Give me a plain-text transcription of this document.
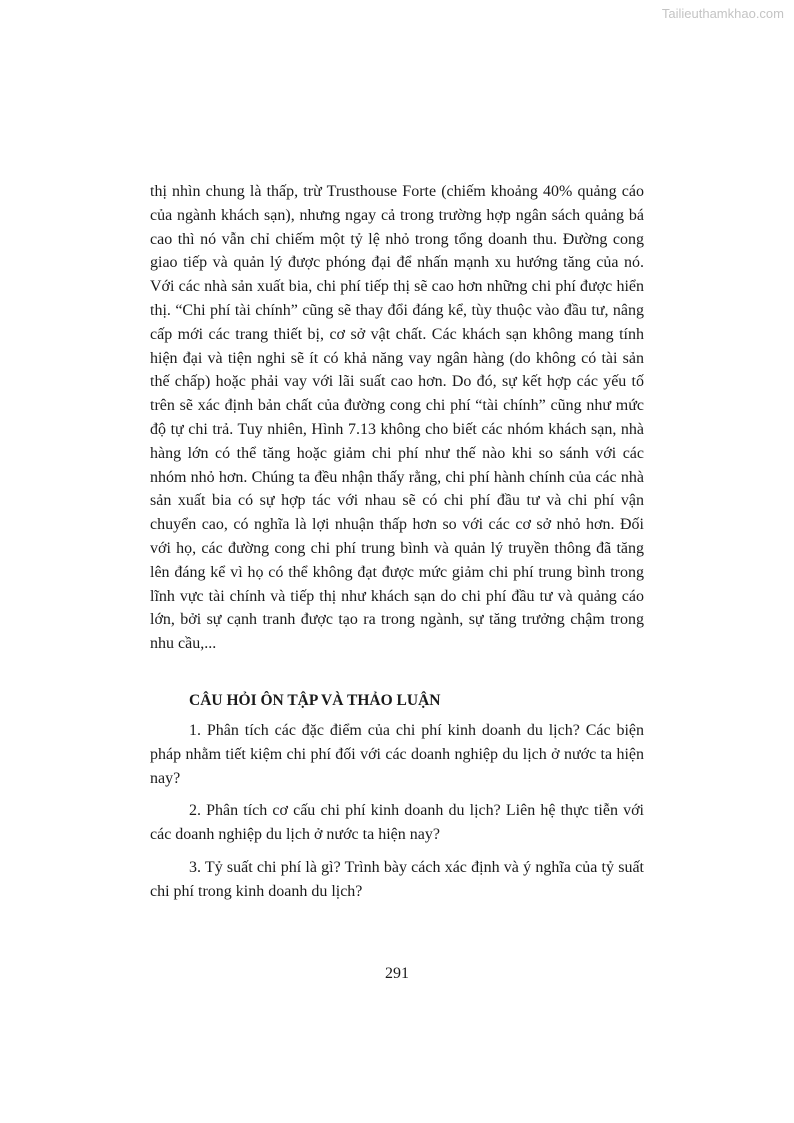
Tailieuthamkhao.com

thị nhìn chung là thấp, trừ Trusthouse Forte (chiếm khoảng 40% quảng cáo của ngành khách sạn), nhưng ngay cả trong trường hợp ngân sách quảng bá cao thì nó vẫn chỉ chiếm một tỷ lệ nhỏ trong tổng doanh thu. Đường cong giao tiếp và quản lý được phóng đại để nhấn mạnh xu hướng tăng của nó. Với các nhà sản xuất bia, chi phí tiếp thị sẽ cao hơn những chi phí được hiển thị. “Chi phí tài chính” cũng sẽ thay đổi đáng kể, tùy thuộc vào đầu tư, nâng cấp mới các trang thiết bị, cơ sở vật chất. Các khách sạn không mang tính hiện đại và tiện nghi sẽ ít có khả năng vay ngân hàng (do không có tài sản thế chấp) hoặc phải vay với lãi suất cao hơn. Do đó, sự kết hợp các yếu tố trên sẽ xác định bản chất của đường cong chi phí “tài chính” cũng như mức độ tự chi trả. Tuy nhiên, Hình 7.13 không cho biết các nhóm khách sạn, nhà hàng lớn có thể tăng hoặc giảm chi phí như thế nào khi so sánh với các nhóm nhỏ hơn. Chúng ta đều nhận thấy rằng, chi phí hành chính của các nhà sản xuất bia có sự hợp tác với nhau sẽ có chi phí đầu tư và chi phí vận chuyển cao, có nghĩa là lợi nhuận thấp hơn so với các cơ sở nhỏ hơn. Đối với họ, các đường cong chi phí trung bình và quản lý truyền thông đã tăng lên đáng kể vì họ có thể không đạt được mức giảm chi phí trung bình trong lĩnh vực tài chính và tiếp thị như khách sạn do chi phí đầu tư và quảng cáo lớn, bởi sự cạnh tranh được tạo ra trong ngành, sự tăng trưởng chậm trong nhu cầu,...

CÂU HỎI ÔN TẬP VÀ THẢO LUẬN

1. Phân tích các đặc điểm của chi phí kinh doanh du lịch? Các biện pháp nhằm tiết kiệm chi phí đối với các doanh nghiệp du lịch ở nước ta hiện nay?

2. Phân tích cơ cấu chi phí kinh doanh du lịch? Liên hệ thực tiễn với các doanh nghiệp du lịch ở nước ta hiện nay?

3. Tỷ suất chi phí là gì? Trình bày cách xác định và ý nghĩa của tỷ suất chi phí trong kinh doanh du lịch?

291
